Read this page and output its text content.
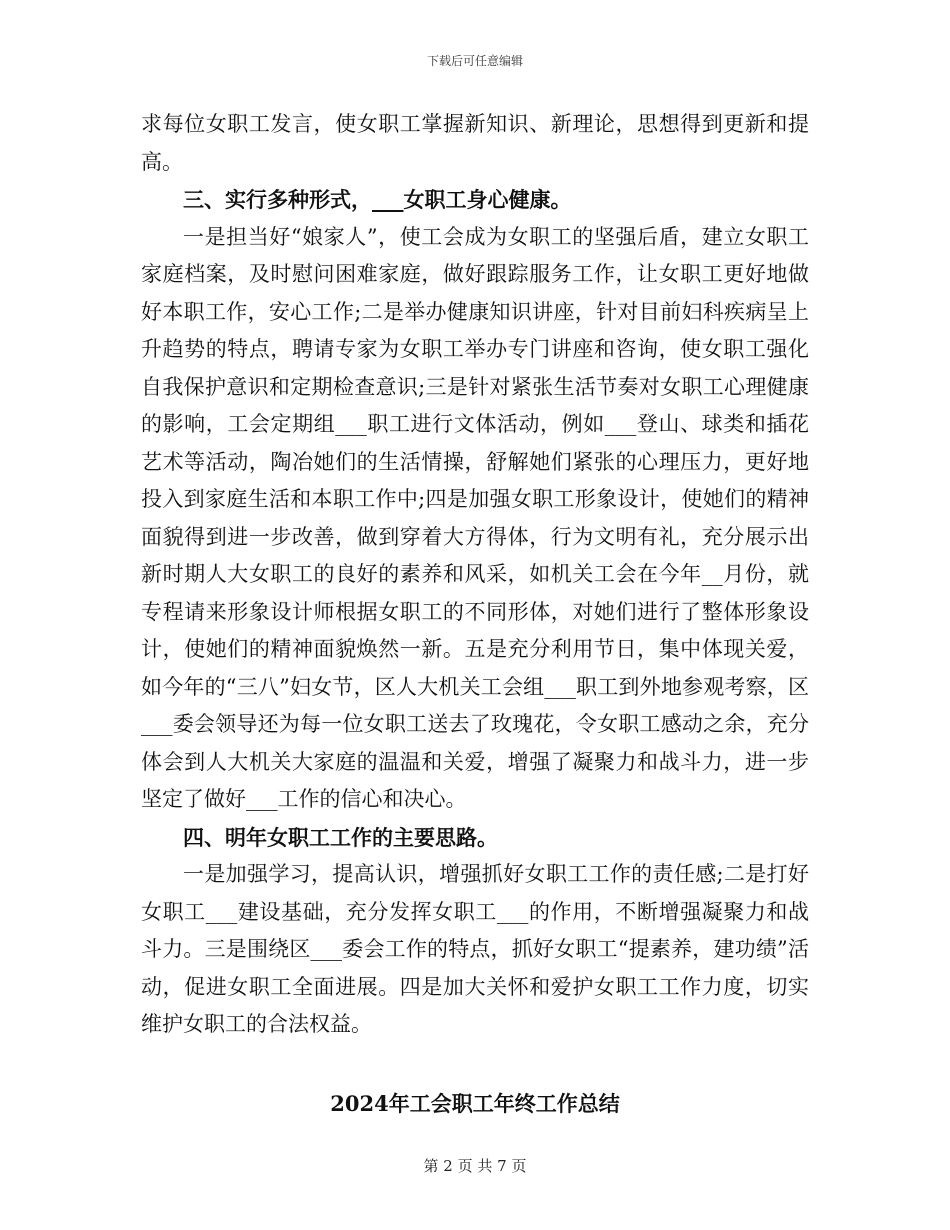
下载后可任意编辑

求每位女职工发言，使女职工掌握新知识、新理论，思想得到更新和提高。

三、实行多种形式，___女职工身心健康。

一是担当好“娘家人”，使工会成为女职工的坚强后盾，建立女职工家庭档案，及时慰问困难家庭，做好跟踪服务工作，让女职工更好地做好本职工作，安心工作;二是举办健康知识讲座，针对目前妇科疾病呈上升趋势的特点，聘请专家为女职工举办专门讲座和咨询，使女职工强化自我保护意识和定期检查意识;三是针对紧张生活节奏对女职工心理健康的影响，工会定期组___职工进行文体活动，例如___登山、球类和插花艺术等活动，陶冶她们的生活情操，舒解她们紧张的心理压力，更好地投入到家庭生活和本职工作中;四是加强女职工形象设计，使她们的精神面貌得到进一步改善，做到穿着大方得体，行为文明有礼，充分展示出新时期人大女职工的良好的素养和风采，如机关工会在今年__月份，就专程请来形象设计师根据女职工的不同形体，对她们进行了整体形象设计，使她们的精神面貌焕然一新。五是充分利用节日，集中体现关爱，如今年的“三八”妇女节，区人大机关工会组___职工到外地参观考察，区___委会领导还为每一位女职工送去了玫瑰花，令女职工感动之余，充分体会到人大机关大家庭的温温和关爱，增强了凝聚力和战斗力，进一步坚定了做好___工作的信心和决心。

四、明年女职工工作的主要思路。

一是加强学习，提高认识，增强抓好女职工工作的责任感;二是打好女职工___建设基础，充分发挥女职工___的作用，不断增强凝聚力和战斗力。三是围绕区___委会工作的特点，抓好女职工“提素养，建功绩”活动，促进女职工全面进展。四是加大关怀和爱护女职工工作力度，切实维护女职工的合法权益。

2024年工会职工年终工作总结
第 2 页 共 7 页
